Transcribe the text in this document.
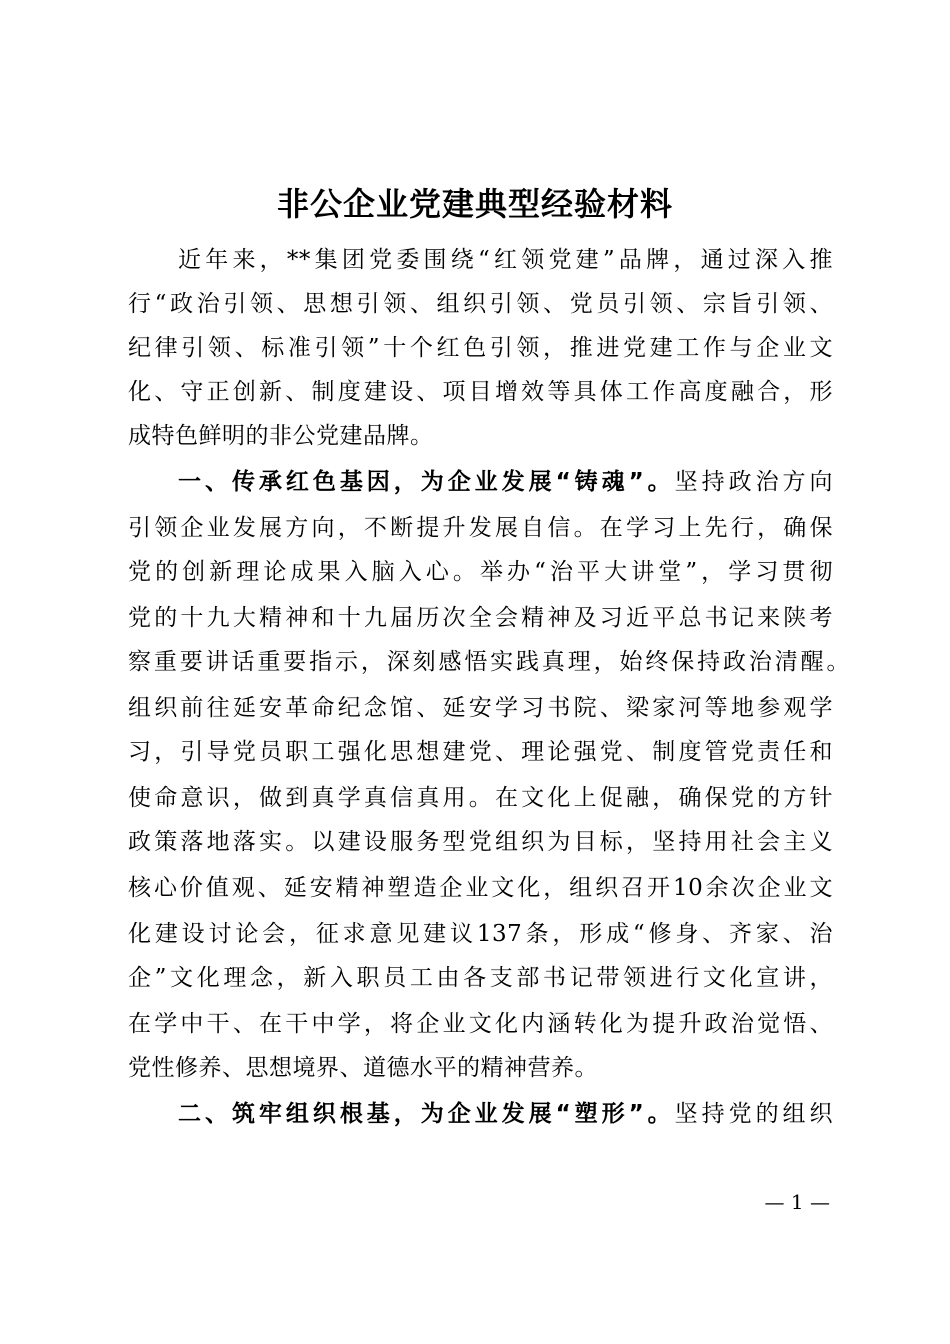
非公企业党建典型经验材料
近年来，**集团党委围绕“红领党建”品牌，通过深入推
行“政治引领、思想引领、组织引领、党员引领、宗旨引领、
纪律引领、标准引领”十个红色引领，推进党建工作与企业文
化、守正创新、制度建设、项目增效等具体工作高度融合，形
成特色鲜明的非公党建品牌。
一、传承红色基因，为企业发展“铸魂”。坚持政治方向
引领企业发展方向，不断提升发展自信。在学习上先行，确保
党的创新理论成果入脑入心。举办“治平大讲堂”，学习贯彻
党的十九大精神和十九届历次全会精神及习近平总书记来陕考
察重要讲话重要指示，深刻感悟实践真理，始终保持政治清醒。
组织前往延安革命纪念馆、延安学习书院、梁家河等地参观学
习，引导党员职工强化思想建党、理论强党、制度管党责任和
使命意识，做到真学真信真用。在文化上促融，确保党的方针
政策落地落实。以建设服务型党组织为目标，坚持用社会主义
核心价值观、延安精神塑造企业文化，组织召开10余次企业文
化建设讨论会，征求意见建议137条，形成“修身、齐家、治
企”文化理念，新入职员工由各支部书记带领进行文化宣讲，
在学中干、在干中学，将企业文化内涵转化为提升政治觉悟、
党性修养、思想境界、道德水平的精神营养。
二、筑牢组织根基，为企业发展“塑形”。坚持党的组织
— 1 —
